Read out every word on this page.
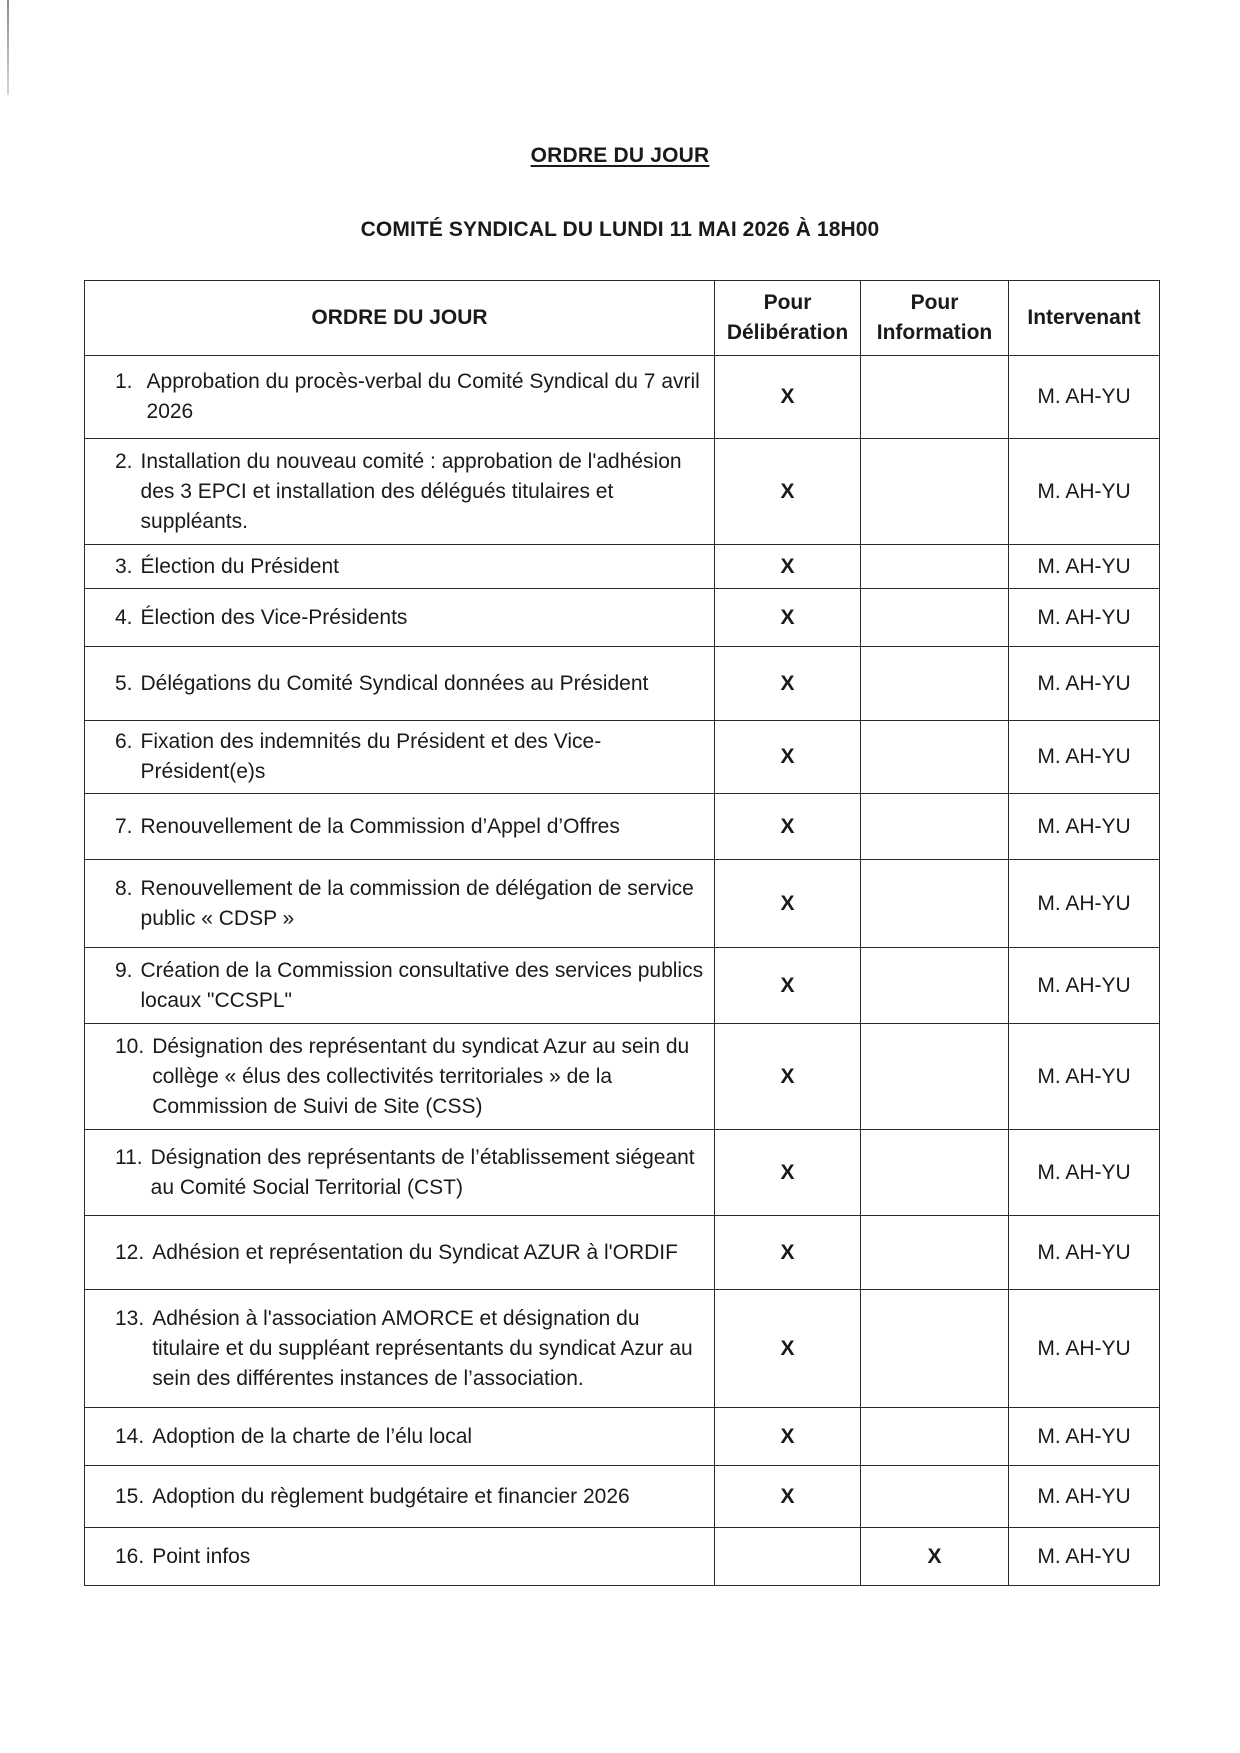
ORDRE DU JOUR
COMITÉ SYNDICAL DU LUNDI 11 MAI 2026 À 18H00
ORDRE DU JOUR	Pour Délibération	Pour Information	Intervenant

1. Approbation du procès-verbal du Comité Syndical du 7 avril 2026	X		M. AH-YU

2. Installation du nouveau comité : approbation de l'adhésion des 3 EPCI et installation des délégués titulaires et suppléants.	X		M. AH-YU

3. Élection du Président	X		M. AH-YU

4. Élection des Vice-Présidents	X		M. AH-YU

5. Délégations du Comité Syndical données au Président	X		M. AH-YU

6. Fixation des indemnités du Président et des Vice-Président(e)s	X		M. AH-YU

7. Renouvellement de la Commission d’Appel d’Offres	X		M. AH-YU

8. Renouvellement de la commission de délégation de service public « CDSP »	X		M. AH-YU

9. Création de la Commission consultative des services publics locaux "CCSPL"	X		M. AH-YU

10. Désignation des représentant du syndicat Azur au sein du collège « élus des collectivités territoriales » de la Commission de Suivi de Site (CSS)	X		M. AH-YU

11. Désignation des représentants de l’établissement siégeant au Comité Social Territorial (CST)	X		M. AH-YU

12. Adhésion et représentation du Syndicat AZUR à l'ORDIF	X		M. AH-YU

13. Adhésion à l'association AMORCE et désignation du titulaire et du suppléant représentants du syndicat Azur au sein des différentes instances de l’association.	X		M. AH-YU

14. Adoption de la charte de l’élu local	X		M. AH-YU

15. Adoption du règlement budgétaire et financier 2026	X		M. AH-YU

16. Point infos		X	M. AH-YU
